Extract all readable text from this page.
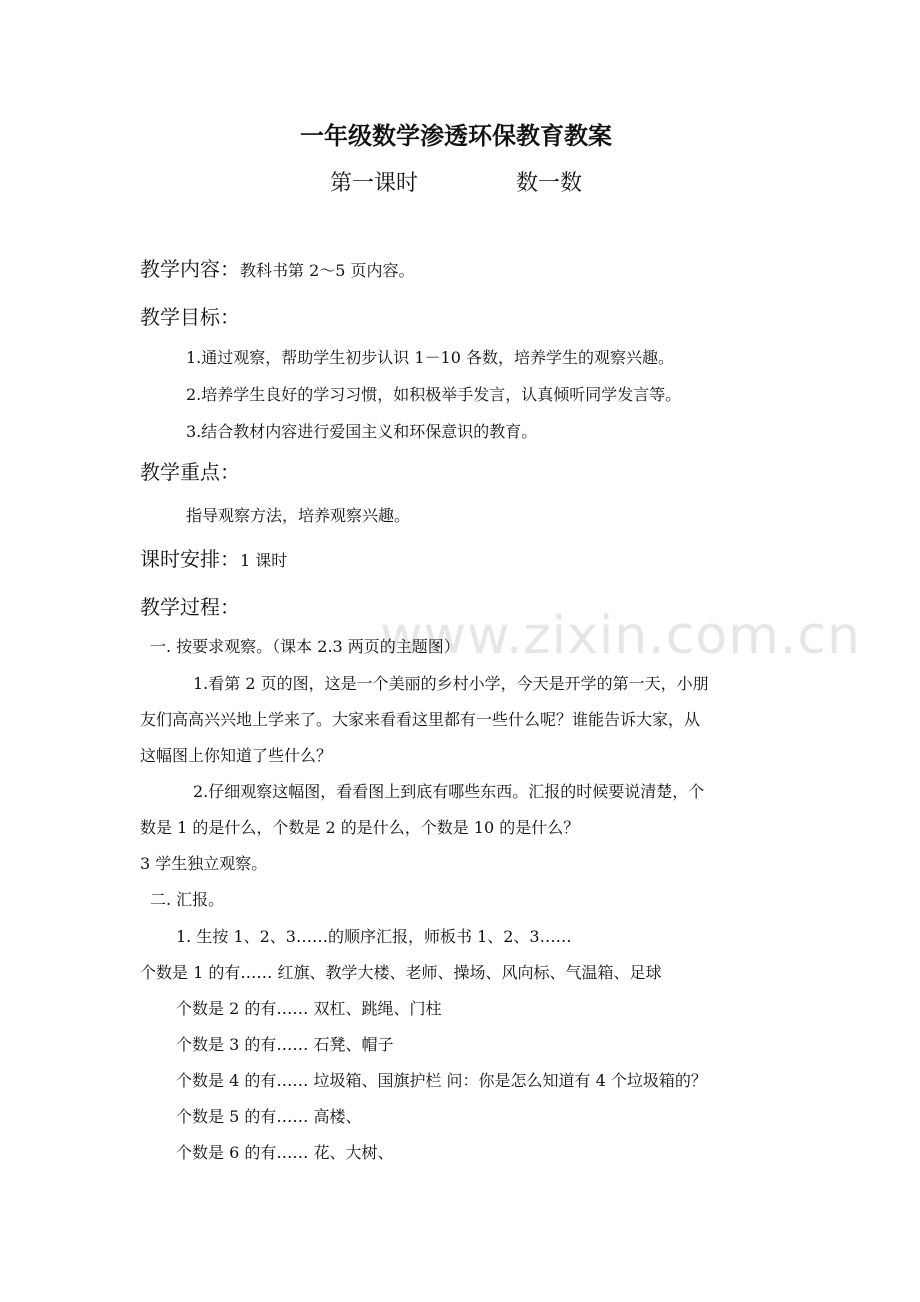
www.zixin.com.cn
一年级数学渗透环保教育教案
第一课时	数一数
教学内容：教科书第 2～5 页内容。
教学目标：
1.通过观察，帮助学生初步认识 1－10 各数，培养学生的观察兴趣。
2.培养学生良好的学习习惯，如积极举手发言，认真倾听同学发言等。
3.结合教材内容进行爱国主义和环保意识的教育。
教学重点：
指导观察方法，培养观察兴趣。
课时安排：1 课时
教学过程：
一. 按要求观察。（课本 2.3 两页的主题图）
1.看第 2 页的图，这是一个美丽的乡村小学，今天是开学的第一天，小朋
友们高高兴兴地上学来了。大家来看看这里都有一些什么呢？谁能告诉大家，从
这幅图上你知道了些什么？
2.仔细观察这幅图，看看图上到底有哪些东西。汇报的时候要说清楚，个
数是 1 的是什么，个数是 2 的是什么，个数是 10 的是什么？
3 学生独立观察。
二. 汇报。
1. 生按 1、2、3……的顺序汇报，师板书 1、2、3……
个数是 1 的有…… 红旗、教学大楼、老师、操场、风向标、气温箱、足球
个数是 2 的有…… 双杠、跳绳、门柱
个数是 3 的有…… 石凳、帽子
个数是 4 的有…… 垃圾箱、国旗护栏 问：你是怎么知道有 4 个垃圾箱的？
个数是 5 的有…… 高楼、
个数是 6 的有…… 花、大树、
